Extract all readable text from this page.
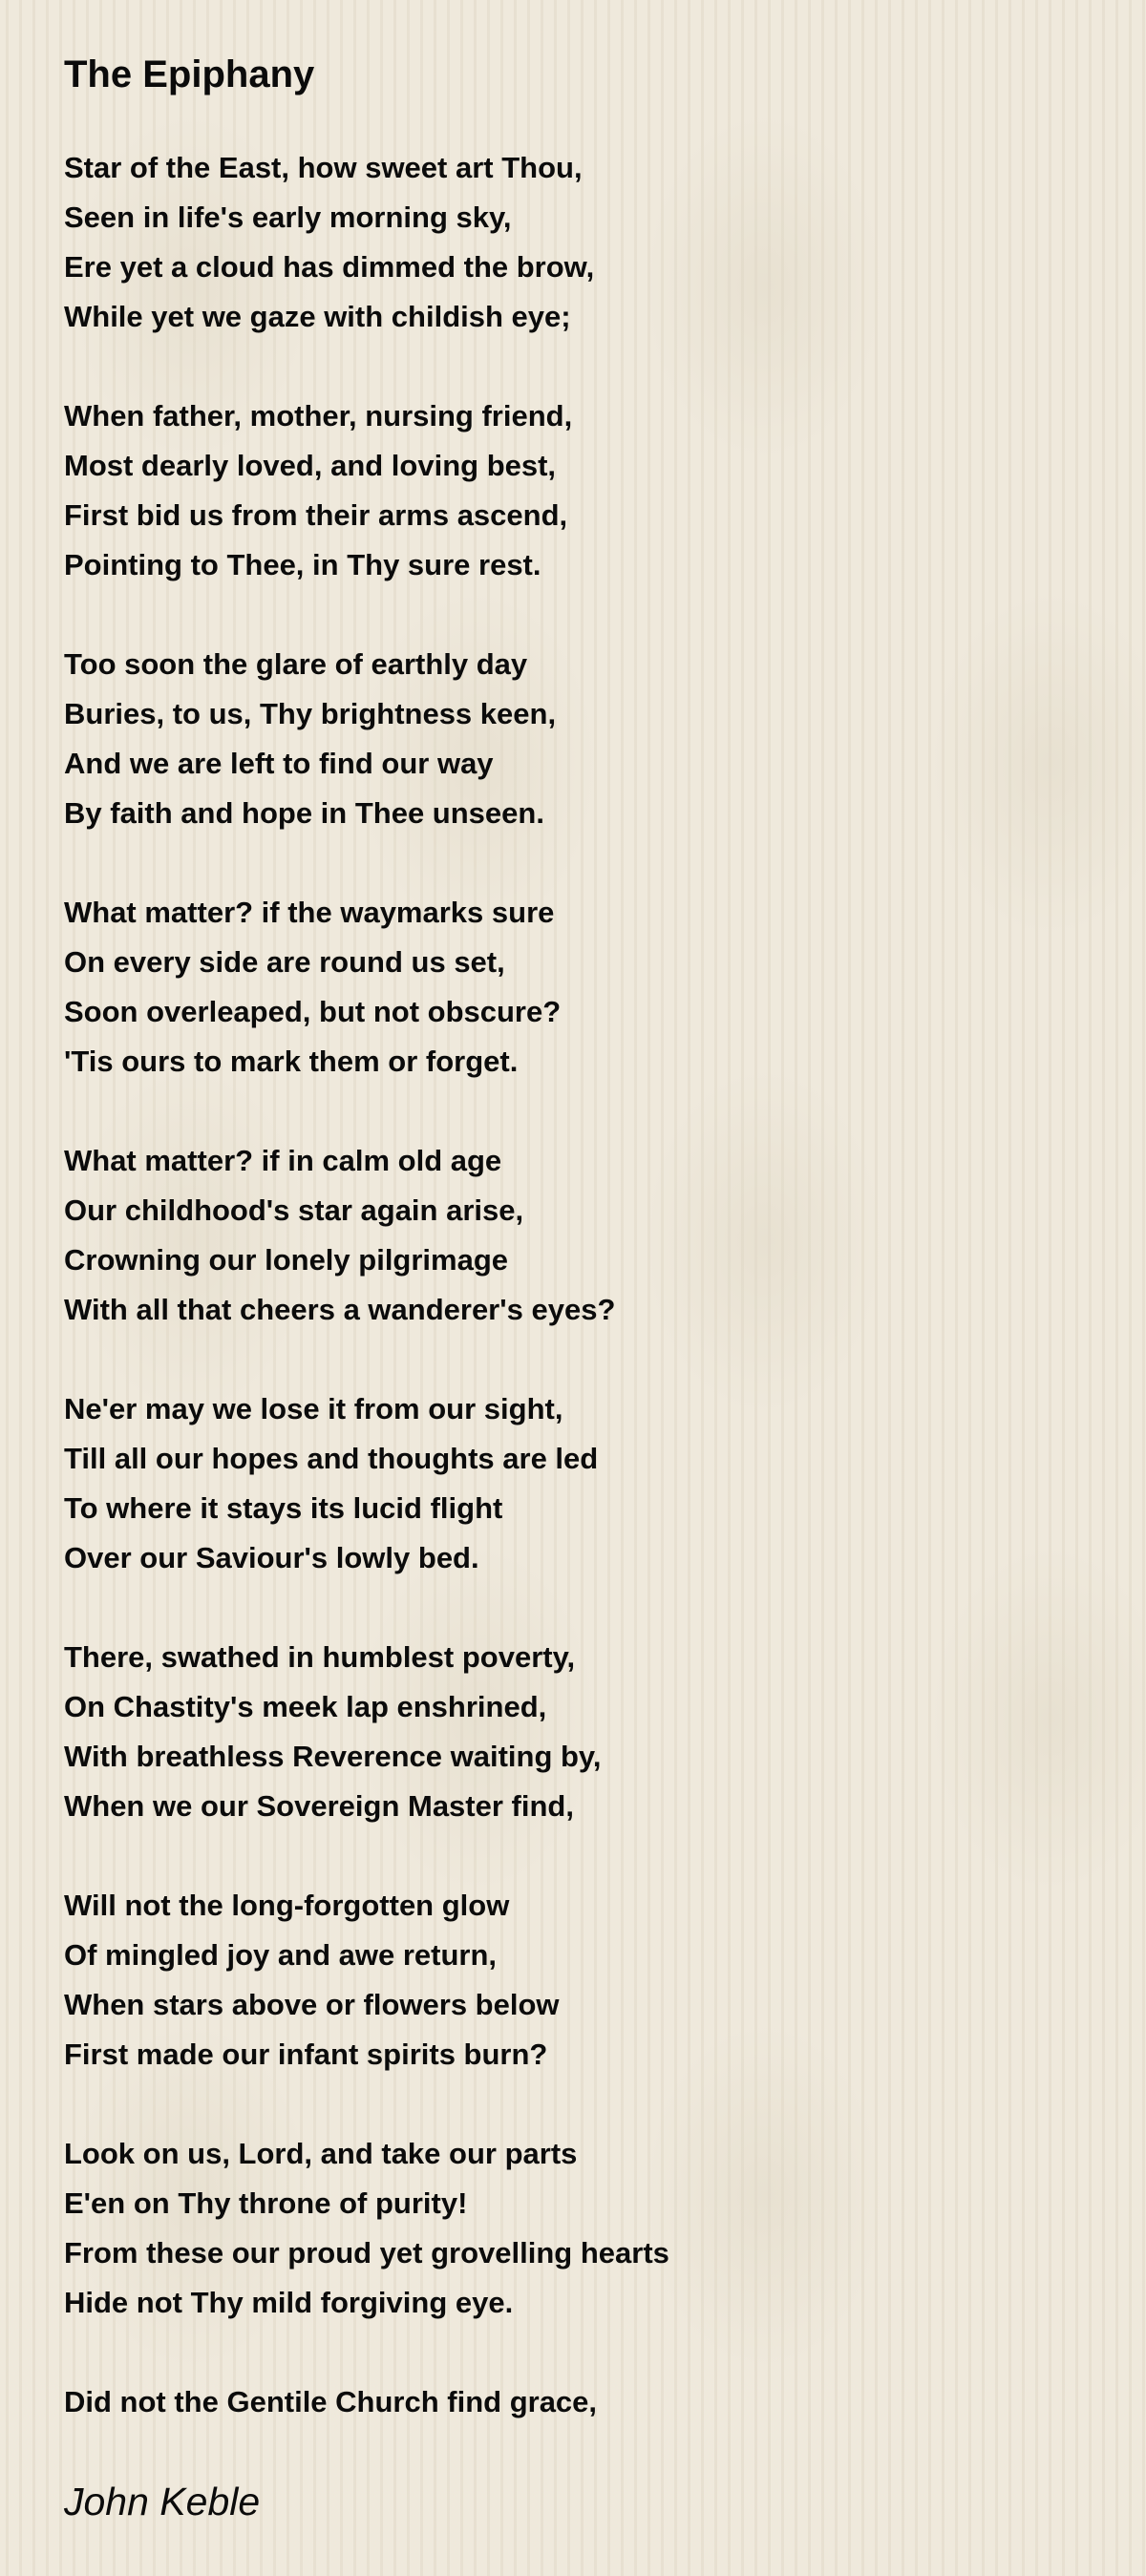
The Epiphany
Star of the East, how sweet art Thou,
Seen in life's early morning sky,
Ere yet a cloud has dimmed the brow,
While yet we gaze with childish eye;
When father, mother, nursing friend,
Most dearly loved, and loving best,
First bid us from their arms ascend,
Pointing to Thee, in Thy sure rest.
Too soon the glare of earthly day
Buries, to us, Thy brightness keen,
And we are left to find our way
By faith and hope in Thee unseen.
What matter? if the waymarks sure
On every side are round us set,
Soon overleaped, but not obscure?
'Tis ours to mark them or forget.
What matter? if in calm old age
Our childhood's star again arise,
Crowning our lonely pilgrimage
With all that cheers a wanderer's eyes?
Ne'er may we lose it from our sight,
Till all our hopes and thoughts are led
To where it stays its lucid flight
Over our Saviour's lowly bed.
There, swathed in humblest poverty,
On Chastity's meek lap enshrined,
With breathless Reverence waiting by,
When we our Sovereign Master find,
Will not the long-forgotten glow
Of mingled joy and awe return,
When stars above or flowers below
First made our infant spirits burn?
Look on us, Lord, and take our parts
E'en on Thy throne of purity!
From these our proud yet grovelling hearts
Hide not Thy mild forgiving eye.
Did not the Gentile Church find grace,

John Keble
